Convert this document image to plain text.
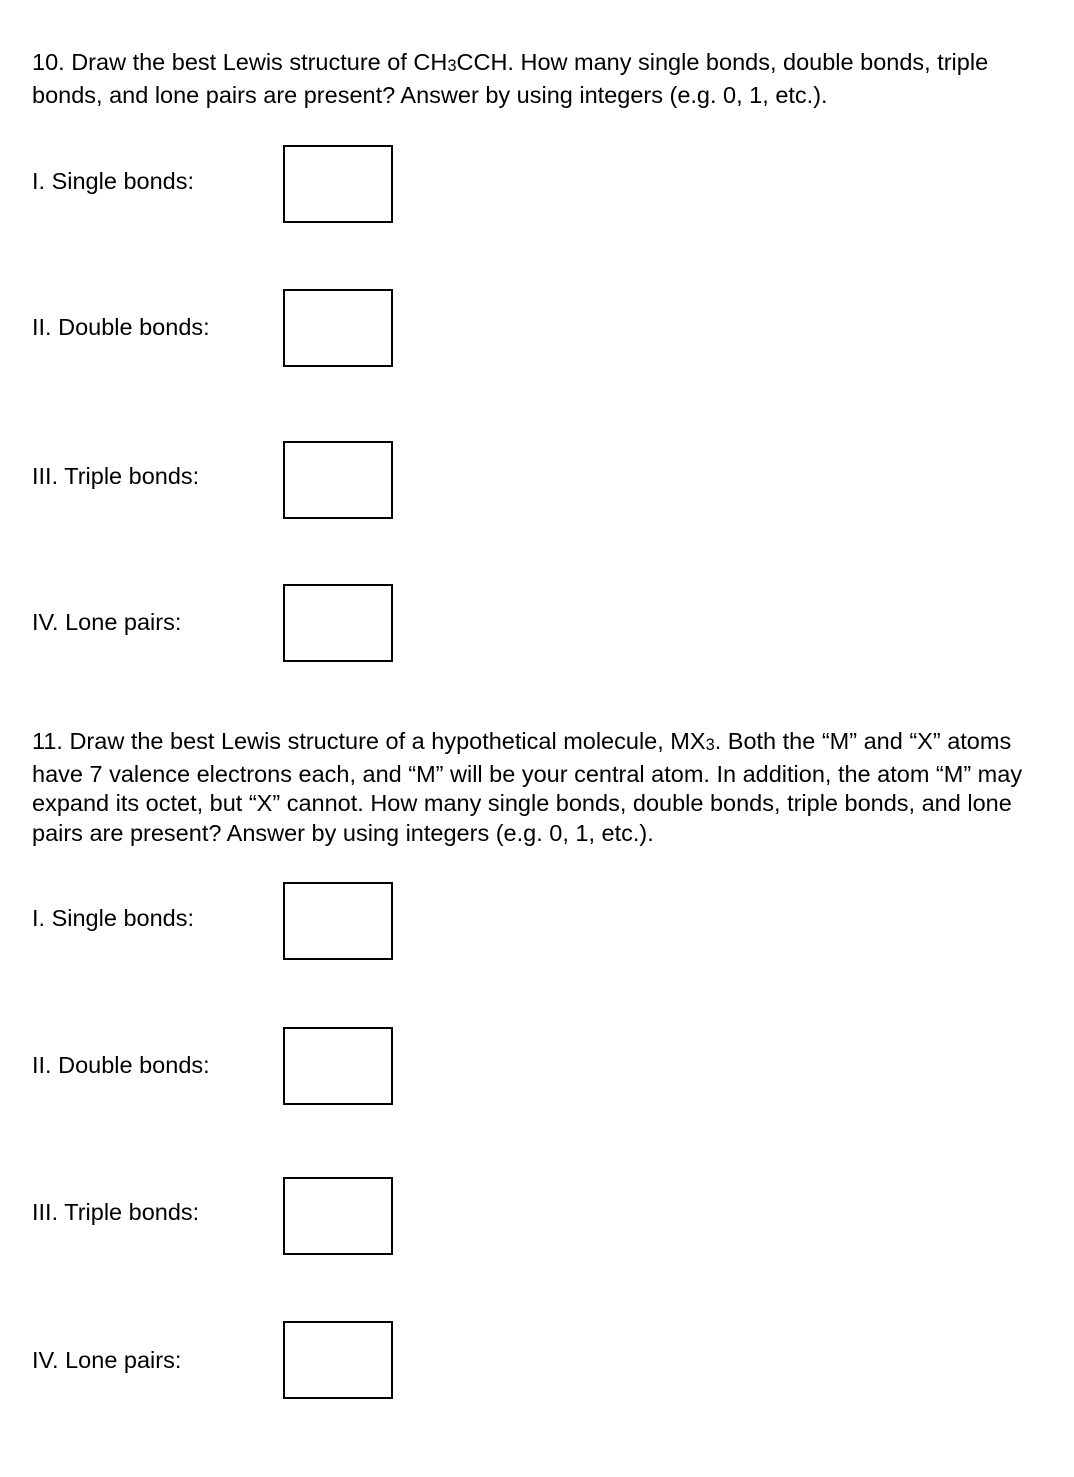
10. Draw the best Lewis structure of $CH_3CCH$. How many single bonds, double bonds, triple bonds, and lone pairs are present? Answer by using integers (e.g. 0, 1, etc.).

I. Single bonds:
II. Double bonds:
III. Triple bonds:
IV. Lone pairs:

11. Draw the best Lewis structure of a hypothetical molecule, $MX_3$. Both the “M” and “X” atoms have 7 valence electrons each, and “M” will be your central atom. In addition, the atom “M” may expand its octet, but “X” cannot. How many single bonds, double bonds, triple bonds, and lone pairs are present? Answer by using integers (e.g. 0, 1, etc.).

I. Single bonds:
II. Double bonds:
III. Triple bonds:
IV. Lone pairs:
